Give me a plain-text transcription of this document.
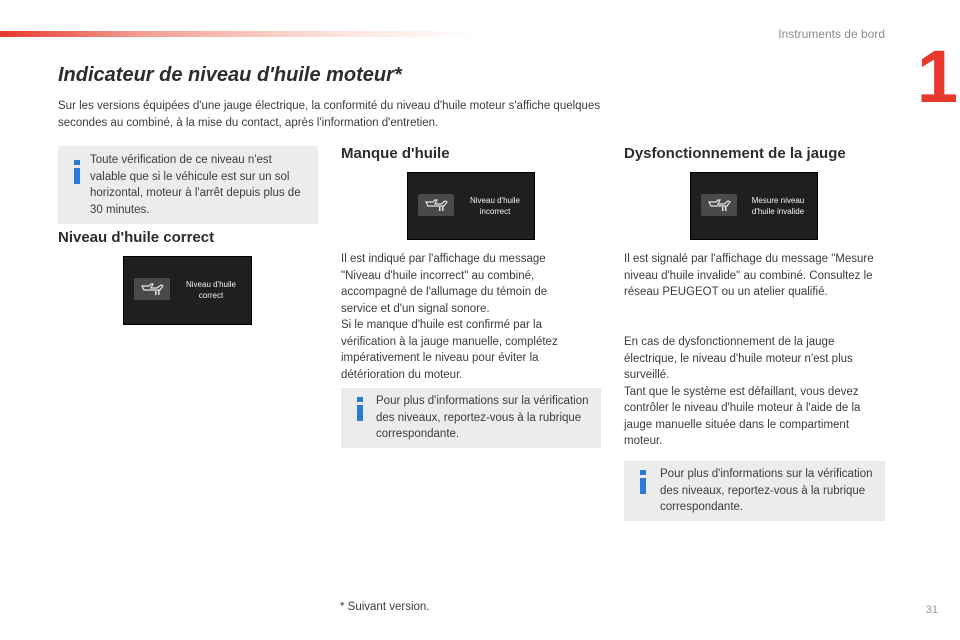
Instruments de bord
1
Indicateur de niveau d'huile moteur*

Sur les versions équipées d'une jauge électrique, la conformité du niveau d'huile moteur s'affiche quelques secondes au combiné, à la mise du contact, après l'information d'entretien.

Toute vérification de ce niveau n'est valable que si le véhicule est sur un sol horizontal, moteur à l'arrêt depuis plus de 30 minutes.

Niveau d'huile correct
Niveau d'huile correct
Manque d'huile
Niveau d'huile incorrect

Il est indiqué par l'affichage du message "Niveau d'huile incorrect" au combiné, accompagné de l'allumage du témoin de service et d'un signal sonore.
Si le manque d'huile est confirmé par la vérification à la jauge manuelle, complétez impérativement le niveau pour éviter la détérioration du moteur.

Pour plus d'informations sur la vérification des niveaux, reportez-vous à la rubrique correspondante.

Dysfonctionnement de la jauge
Mesure niveau d'huile invalide

Il est signalé par l'affichage du message "Mesure niveau d'huile invalide" au combiné. Consultez le réseau PEUGEOT ou un atelier qualifié.

En cas de dysfonctionnement de la jauge électrique, le niveau d'huile moteur n'est plus surveillé.
Tant que le système est défaillant, vous devez contrôler le niveau d'huile moteur à l'aide de la jauge manuelle située dans le compartiment moteur.

Pour plus d'informations sur la vérification des niveaux, reportez-vous à la rubrique correspondante.

* Suivant version.	31
